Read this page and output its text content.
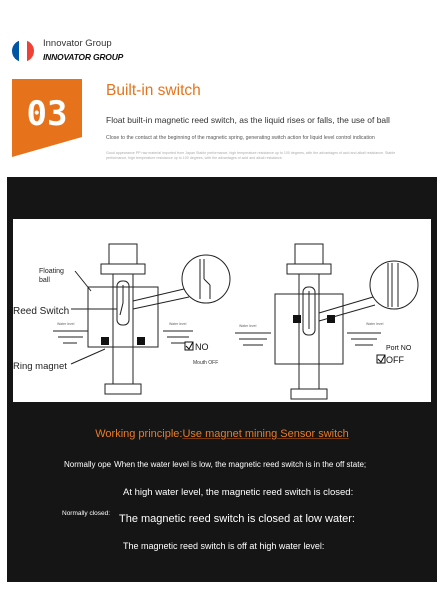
Innovator Group
INNOVATOR GROUP
03
Built-in switch
Float built-in magnetic reed switch, as the liquid rises or falls, the use of ball
Close to the contact at the beginning of the magnetic spring, generating switch action for liquid level control indication
Good appearance PP raw material imported from Japan Stable performance, high temperature resistance up to 100 degrees, with the advantages of acid and alkali resistance. Stable performance, high temperature resistance up to 100 degrees, with the advantages of acid and alkali resistance.
Floating ball
Reed Switch
Ring magnet
Water level	Water level	Water level	Water level
NO
Mouth OFF
Port NO
OFF
Working principle:Use magnet mining Sensor switch
Normally ope When the water level is low, the magnetic reed switch is in the off state;
At high water level, the magnetic reed switch is closed:
Normally closed: The magnetic reed switch is closed at low water:
The magnetic reed switch is off at high water level:
